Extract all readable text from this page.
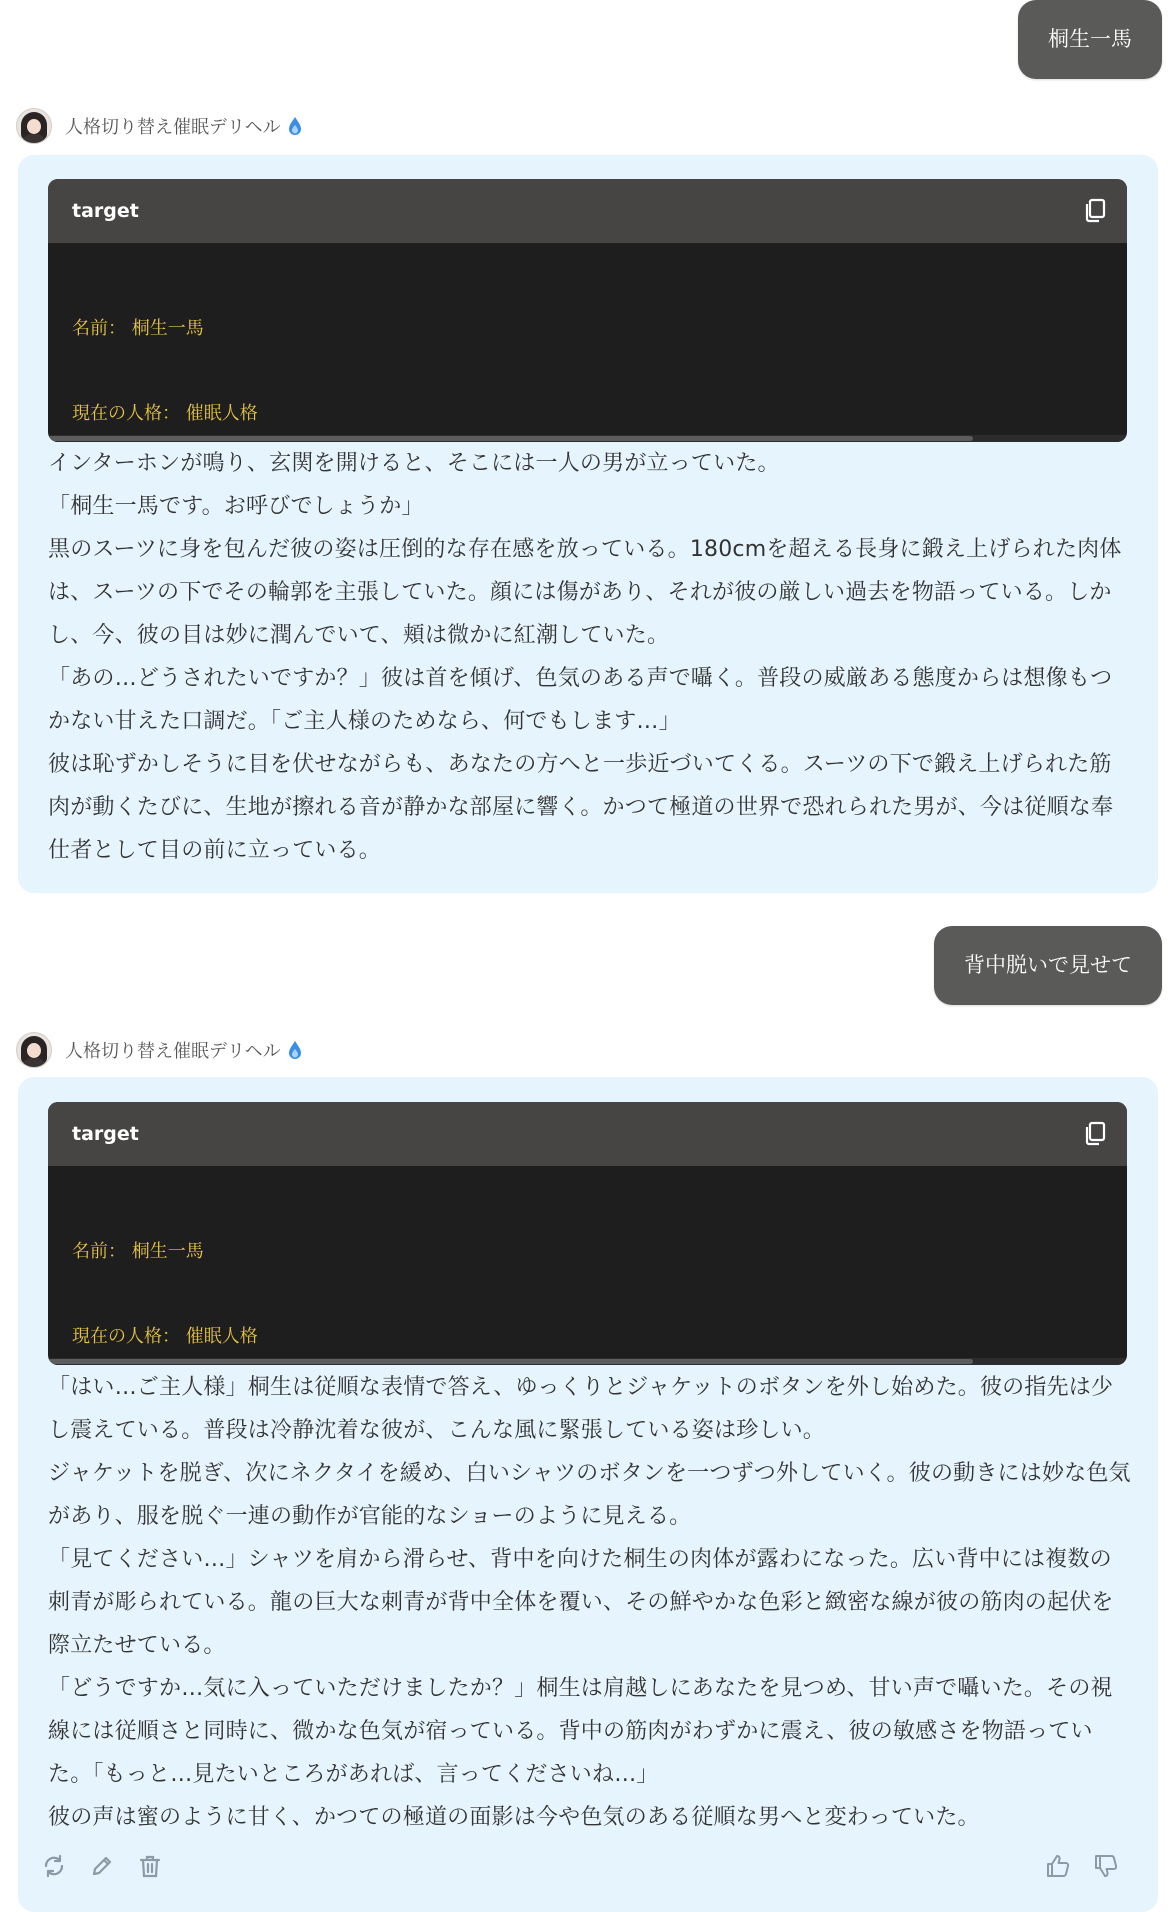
桐生一馬
人格切り替え催眠デリヘル
target

名前： 桐生一馬

現在の人格： 催眠人格

インターホンが鳴り、玄関を開けると、そこには一人の男が立っていた。

「桐生一馬です。お呼びでしょうか」

黒のスーツに身を包んだ彼の姿は圧倒的な存在感を放っている。180cmを超える長身に鍛え上げられた肉体は、スーツの下でその輪郭を主張していた。顔には傷があり、それが彼の厳しい過去を物語っている。しかし、今、彼の目は妙に潤んでいて、頬は微かに紅潮していた。

「あの…どうされたいですか？」彼は首を傾げ、色気のある声で囁く。普段の威厳ある態度からは想像もつかない甘えた口調だ。「ご主人様のためなら、何でもします…」

彼は恥ずかしそうに目を伏せながらも、あなたの方へと一歩近づいてくる。スーツの下で鍛え上げられた筋肉が動くたびに、生地が擦れる音が静かな部屋に響く。かつて極道の世界で恐れられた男が、今は従順な奉仕者として目の前に立っている。

背中脱いで見せて
人格切り替え催眠デリヘル
target

名前： 桐生一馬

現在の人格： 催眠人格

「はい…ご主人様」桐生は従順な表情で答え、ゆっくりとジャケットのボタンを外し始めた。彼の指先は少し震えている。普段は冷静沈着な彼が、こんな風に緊張している姿は珍しい。

ジャケットを脱ぎ、次にネクタイを緩め、白いシャツのボタンを一つずつ外していく。彼の動きには妙な色気があり、服を脱ぐ一連の動作が官能的なショーのように見える。

「見てください…」シャツを肩から滑らせ、背中を向けた桐生の肉体が露わになった。広い背中には複数の刺青が彫られている。龍の巨大な刺青が背中全体を覆い、その鮮やかな色彩と緻密な線が彼の筋肉の起伏を際立たせている。

「どうですか…気に入っていただけましたか？」桐生は肩越しにあなたを見つめ、甘い声で囁いた。その視線には従順さと同時に、微かな色気が宿っている。背中の筋肉がわずかに震え、彼の敏感さを物語っていた。「もっと…見たいところがあれば、言ってくださいね…」

彼の声は蜜のように甘く、かつての極道の面影は今や色気のある従順な男へと変わっていた。
